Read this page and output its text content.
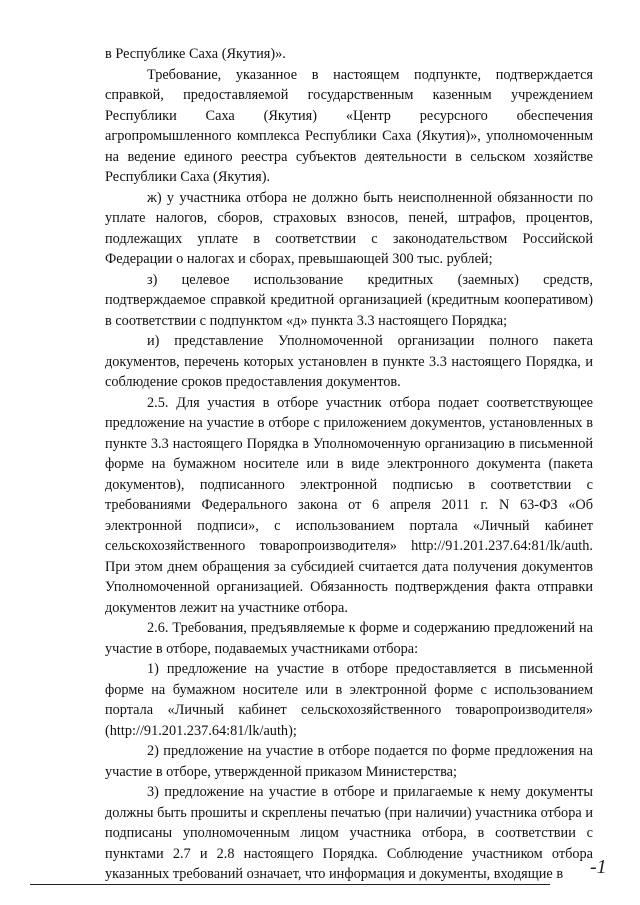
в Республике Саха (Якутия)».

Требование, указанное в настоящем подпункте, подтверждается справкой, предоставляемой государственным казенным учреждением Республики Саха (Якутия) «Центр ресурсного обеспечения агропромышленного комплекса Республики Саха (Якутия)», уполномоченным на ведение единого реестра субъектов деятельности в сельском хозяйстве Республики Саха (Якутия).

ж) у участника отбора не должно быть неисполненной обязанности по уплате налогов, сборов, страховых взносов, пеней, штрафов, процентов, подлежащих уплате в соответствии с законодательством Российской Федерации о налогах и сборах, превышающей 300 тыс. рублей;

з) целевое использование кредитных (заемных) средств, подтверждаемое справкой кредитной организацией (кредитным кооперативом) в соответствии с подпунктом «д» пункта 3.3 настоящего Порядка;

и) представление Уполномоченной организации полного пакета документов, перечень которых установлен в пункте 3.3 настоящего Порядка, и соблюдение сроков предоставления документов.

2.5. Для участия в отборе участник отбора подает соответствующее предложение на участие в отборе с приложением документов, установленных в пункте 3.3 настоящего Порядка в Уполномоченную организацию в письменной форме на бумажном носителе или в виде электронного документа (пакета документов), подписанного электронной подписью в соответствии с требованиями Федерального закона от 6 апреля 2011 г. N 63-ФЗ «Об электронной подписи», с использованием портала «Личный кабинет сельскохозяйственного товаропроизводителя» http://91.201.237.64:81/lk/auth. При этом днем обращения за субсидией считается дата получения документов Уполномоченной организацией. Обязанность подтверждения факта отправки документов лежит на участнике отбора.

2.6. Требования, предъявляемые к форме и содержанию предложений на участие в отборе, подаваемых участниками отбора:

1) предложение на участие в отборе предоставляется в письменной форме на бумажном носителе или в электронной форме с использованием портала «Личный кабинет сельскохозяйственного товаропроизводителя» (http://91.201.237.64:81/lk/auth);

2) предложение на участие в отборе подается по форме предложения на участие в отборе, утвержденной приказом Министерства;

3) предложение на участие в отборе и прилагаемые к нему документы должны быть прошиты и скреплены печатью (при наличии) участника отбора и подписаны уполномоченным лицом участника отбора, в соответствии с пунктами 2.7 и 2.8 настоящего Порядка. Соблюдение участником отбора указанных требований означает, что информация и документы, входящие в	-1
